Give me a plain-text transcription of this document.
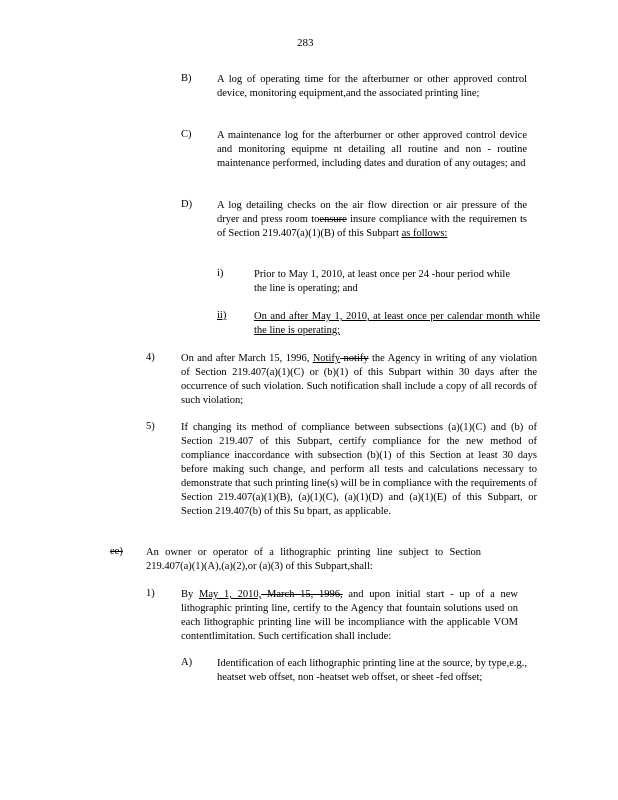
283
B) A log of operating time for the afterburner or other approved control device, monitoring equipment,and the associated printing line;
C) A maintenance log for the afterburner or other approved control device and monitoring equipme nt detailing all routine and non - routine maintenance performed, including dates and duration of any outages; and
D) A log detailing checks on the air flow direction or air pressure of the dryer and press room toensure insure compliance with the requiremen ts of Section 219.407(a)(1)(B) of this Subpart as follows:
i)	Prior to May 1, 2010, at least once per 24 -hour period while the line is operating; and
ii)	On and after May 1, 2010, at least once per calendar month while the line is operating;
4)	On and after March 15, 1996, Notify notify the Agency in writing of any violation of Section 219.407(a)(1)(C) or (b)(1) of this Subpart within 30 days after the occurrence of such violation. Such notification shall include a copy of all records of such violation;
5)	If changing its method of compliance between subsections (a)(1)(C) and (b) of Section 219.407 of this Subpart, certify compliance for the new method of compliance inaccordance with subsection (b)(1) of this Section at least 30 days before making such change, and perform all tests and calculations necessary to demonstrate that such printing line(s) will be in compliance with the requirements of Section 219.407(a)(1)(B), (a)(1)(C), (a)(1)(D) and (a)(1)(E) of this Subpart, or Section 219.407(b) of this Su bpart, as applicable.
ee) An owner or operator of a lithographic printing line subject to Section 219.407(a)(1)(A),(a)(2),or (a)(3) of this Subpart,shall:
1)	By May 1, 2010, March 15, 1996, and upon initial start - up of a new lithographic printing line, certify to the Agency that fountain solutions used on each lithographic printing line will be incompliance with the applicable VOM contentlimitation. Such certification shall include:
A) Identification of each lithographic printing line at the source, by type,e.g., heatset web offset, non -heatset web offset, or sheet -fed offset;
